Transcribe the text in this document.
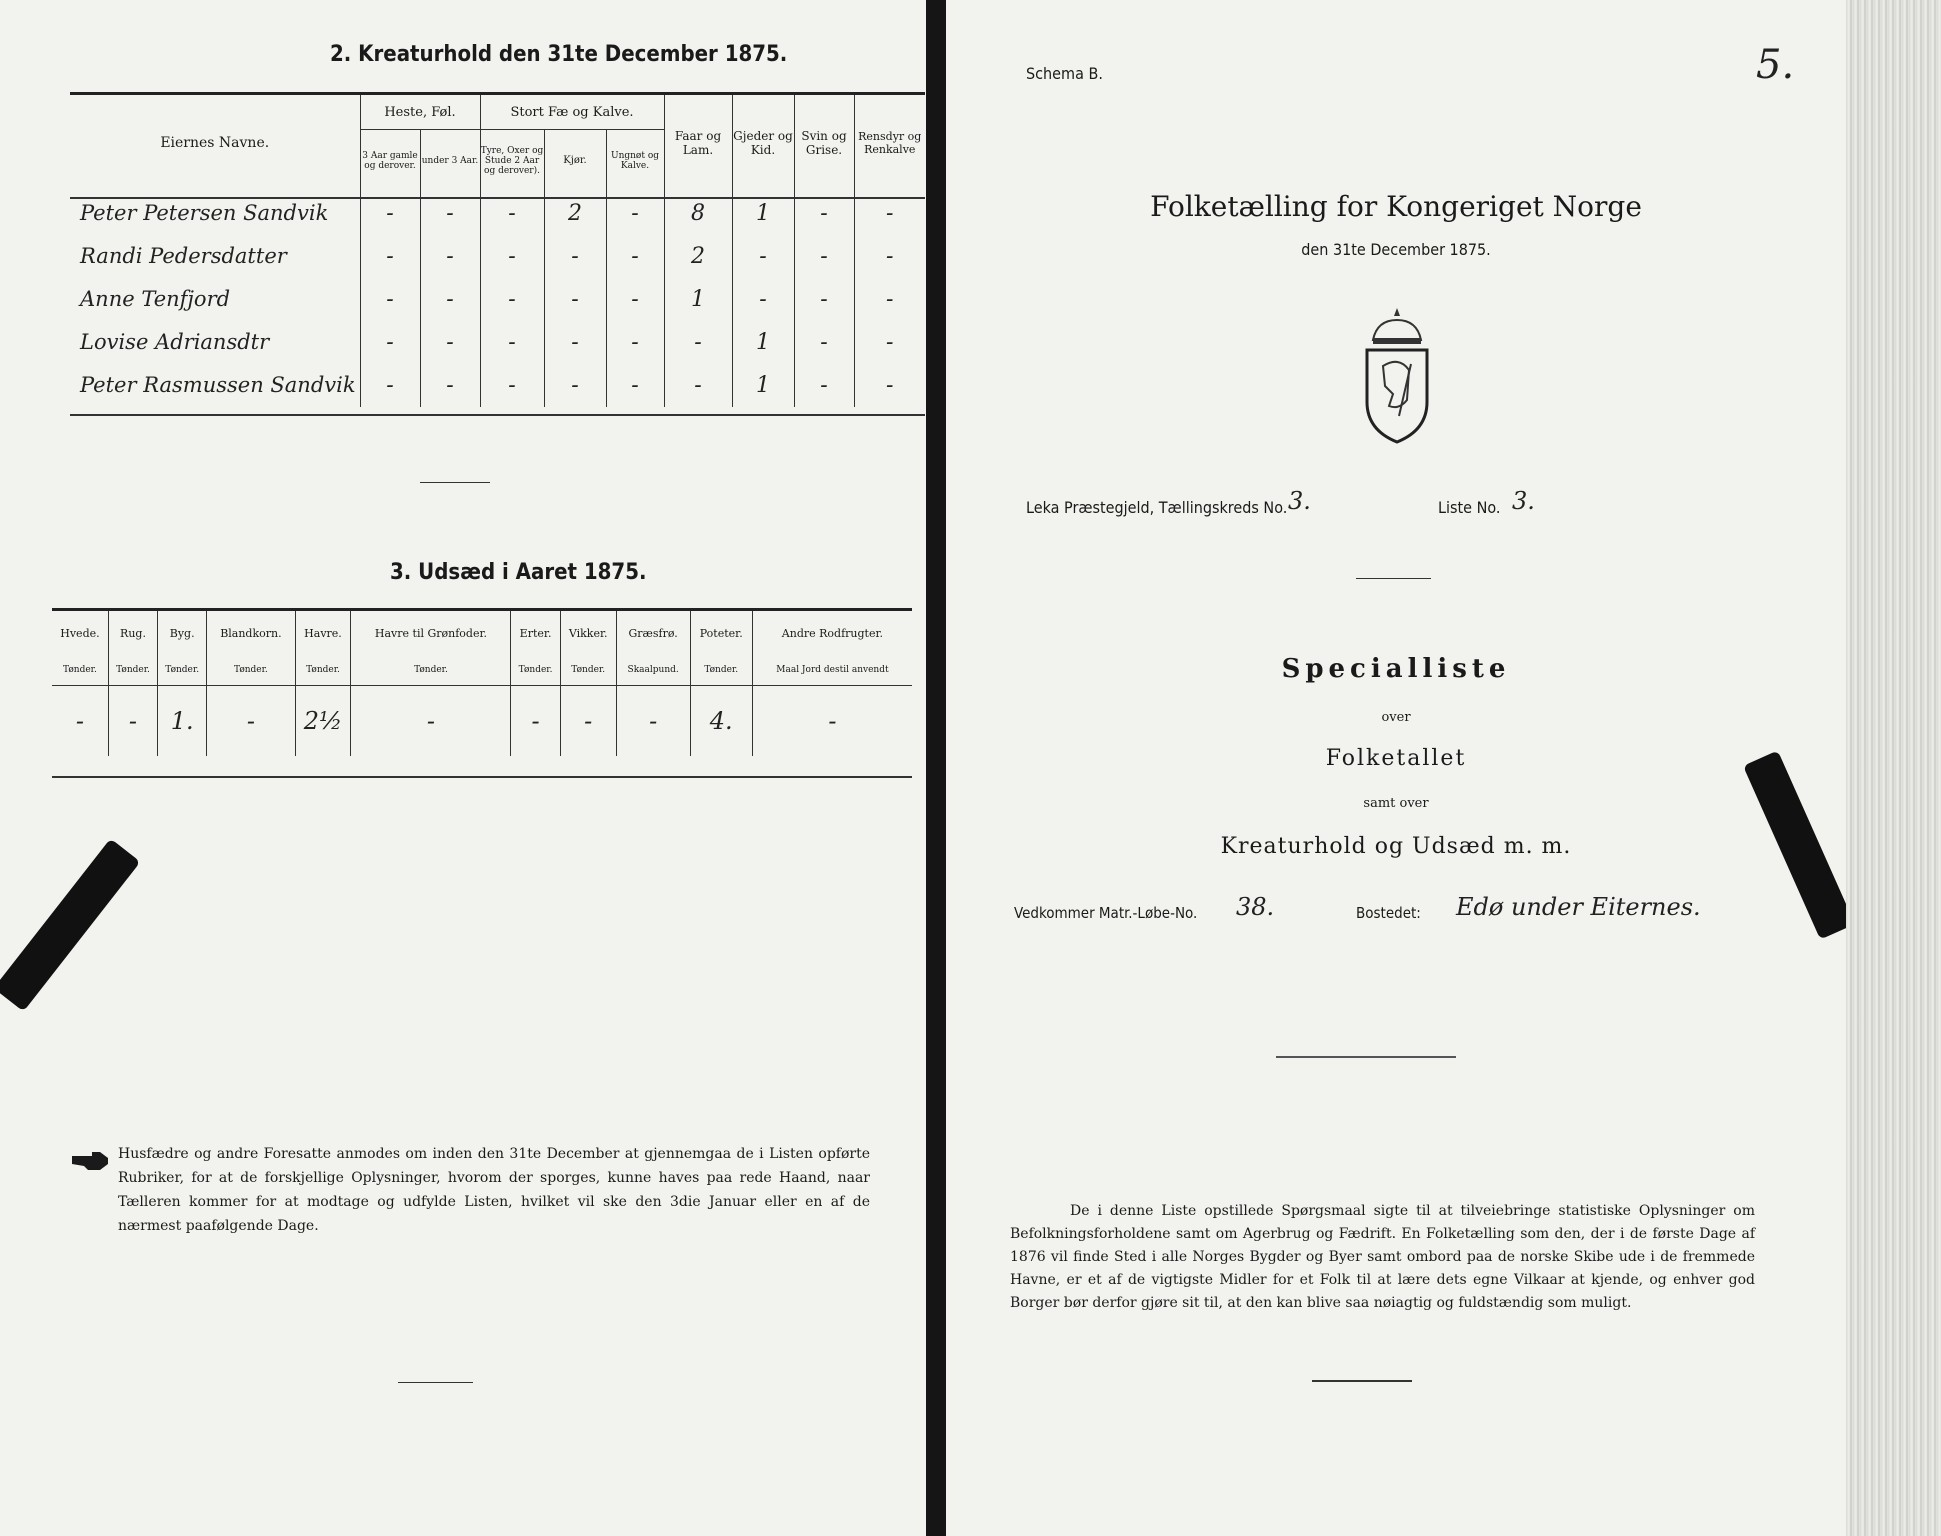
2. Kreaturhold den 31te December 1875.
Eiernes Navne.	Heste, Føl.		Stort Fæ og Kalve.			Faar og Lam.	Gjeder og Kid.	Svin og Grise.	Rensdyr og Renkalve
	3 Aar gamle og derover.	under 3 Aar.	Tyre, Oxer og Stude 2 Aar og derover).	Kjør.	Ungnøt og Kalve.				
Peter Petersen Sandvik	-	-	-	2	-	8	1	-	-
Randi Pedersdatter	-	-	-	-	-	2	-	-	-
Anne Tenfjord	-	-	-	-	-	1	-	-	-
Lovise Adriansdtr	-	-	-	-	-	-	1	-	-
Peter Rasmussen Sandvik	-	-	-	-	-	-	1	-	-
3. Udsæd i Aaret 1875.
Hvede.	Rug.	Byg.	Blandkorn.	Havre.	Havre til Grønfoder.	Erter.	Vikker.	Græsfrø.	Poteter.	Andre Rodfrugter.
Tønder.	Tønder.	Tønder.	Tønder.	Tønder.	Tønder.	Tønder.	Tønder.	Skaalpund.	Tønder.	Maal Jord destil anvendt
-	-	1.	-	2½	-	-	-	-	4.	-
Husfædre og andre Foresatte anmodes om inden den 31te December at gjennemgaa de i Listen opførte Rubriker, for at de forskjellige Oplysninger, hvorom der sporges, kunne haves paa rede Haand, naar Tælleren kommer for at modtage og udfylde Listen, hvilket vil ske den 3die Januar eller en af de nærmest paafølgende Dage.
Schema B.	5.
Folketælling for Kongeriget Norge
den 31te December 1875.
Leka Præstegjeld, Tællingskreds No. 3.	Liste No. 3.
Specialliste
over
Folketallet
samt over
Kreaturhold og Udsæd m. m.
Vedkommer Matr.-Løbe-No. 38.	Bostedet: Edø under Eiternes.
De i denne Liste opstillede Spørgsmaal sigte til at tilveiebringe statistiske Oplysninger om Befolkningsforholdene samt om Agerbrug og Fædrift. En Folketælling som den, der i de første Dage af 1876 vil finde Sted i alle Norges Bygder og Byer samt ombord paa de norske Skibe ude i de fremmede Havne, er et af de vigtigste Midler for et Folk til at lære dets egne Vilkaar at kjende, og enhver god Borger bør derfor gjøre sit til, at den kan blive saa nøiagtig og fuldstændig som muligt.
